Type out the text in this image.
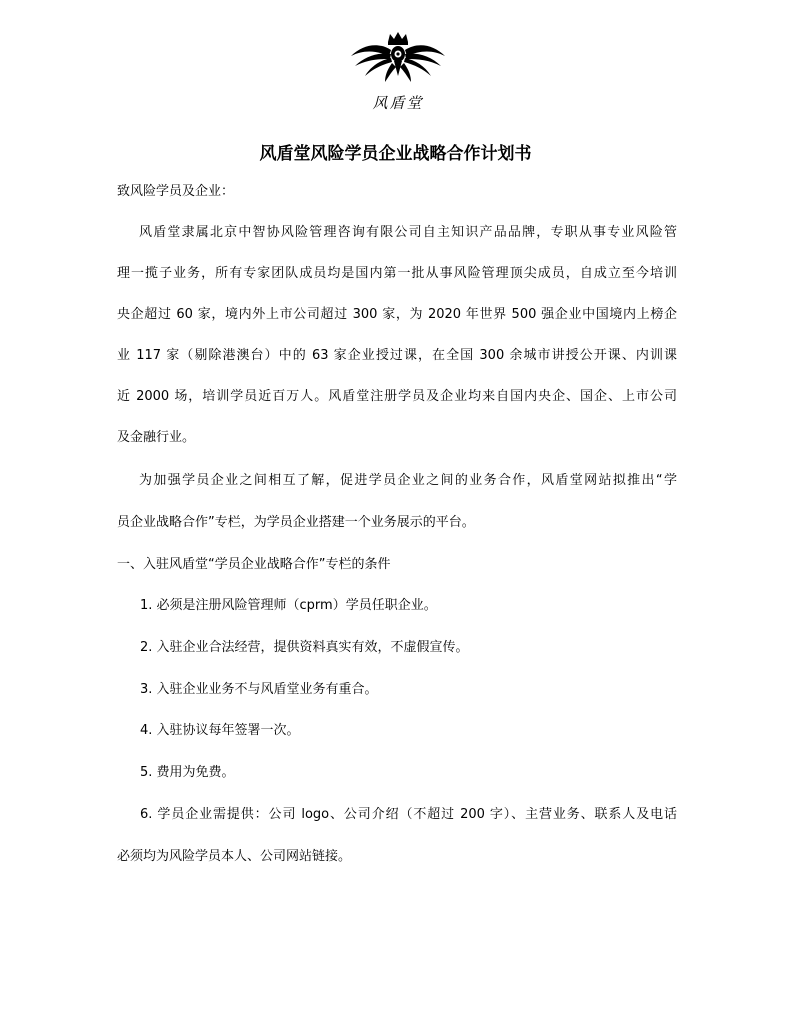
风盾堂
风盾堂风险学员企业战略合作计划书
致风险学员及企业：
风盾堂隶属北京中智协风险管理咨询有限公司自主知识产品品牌，专职从事专业风险管
理一揽子业务，所有专家团队成员均是国内第一批从事风险管理顶尖成员，自成立至今培训
央企超过 60 家，境内外上市公司超过 300 家，为 2020 年世界 500 强企业中国境内上榜企
业 117 家（剔除港澳台）中的 63 家企业授过课，在全国 300 余城市讲授公开课、内训课
近 2000 场，培训学员近百万人。风盾堂注册学员及企业均来自国内央企、国企、上市公司
及金融行业。
为加强学员企业之间相互了解，促进学员企业之间的业务合作，风盾堂网站拟推出“学
员企业战略合作”专栏，为学员企业搭建一个业务展示的平台。
一、入驻风盾堂“学员企业战略合作”专栏的条件
1. 必须是注册风险管理师（cprm）学员任职企业。
2. 入驻企业合法经营，提供资料真实有效，不虚假宣传。
3. 入驻企业业务不与风盾堂业务有重合。
4. 入驻协议每年签署一次。
5. 费用为免费。
6. 学员企业需提供：公司 logo、公司介绍（不超过 200 字）、主营业务、联系人及电话
必须均为风险学员本人、公司网站链接。
